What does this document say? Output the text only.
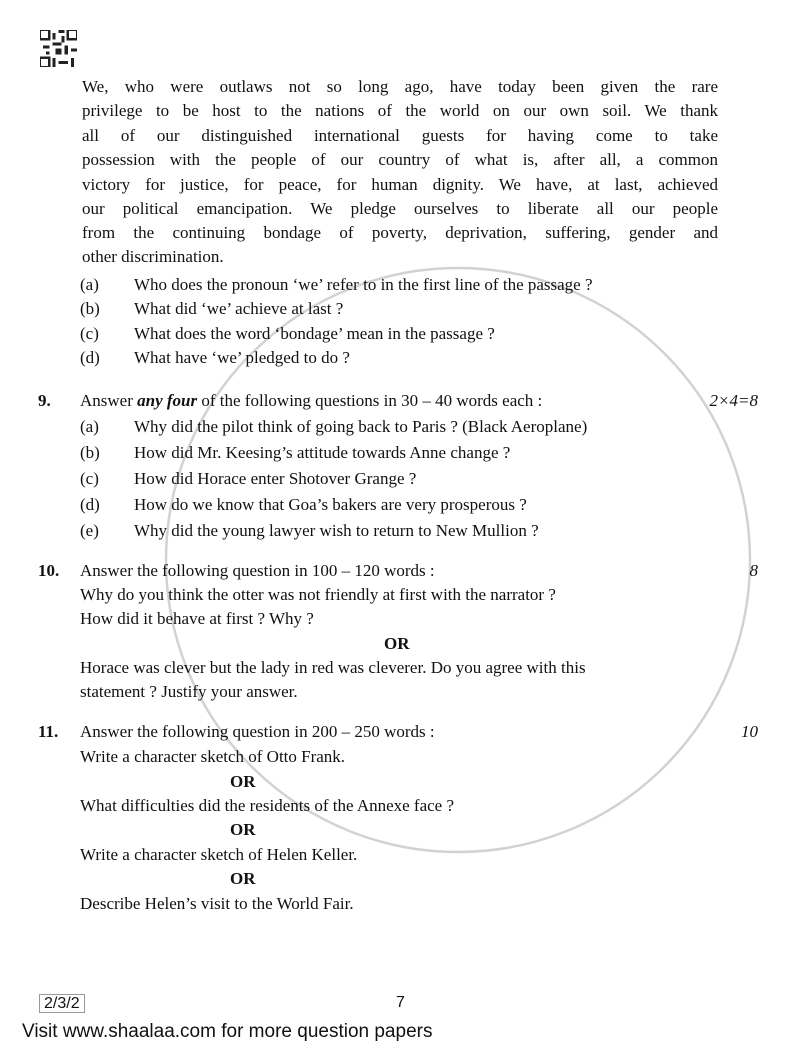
We, who were outlaws not so long ago, have today been given the rare
privilege to be host to the nations of the world on our own soil. We thank
all of our distinguished international guests for having come to take
possession with the people of our country of what is, after all, a common
victory for justice, for peace, for human dignity. We have, at last, achieved
our political emancipation. We pledge ourselves to liberate all our people
from the continuing bondage of poverty, deprivation, suffering, gender and
other discrimination.
(a) Who does the pronoun ‘we’ refer to in the first line of the passage ?
(b) What did ‘we’ achieve at last ?
(c) What does the word ‘bondage’ mean in the passage ?
(d) What have ‘we’ pledged to do ?
9. Answer any four of the following questions in 30 – 40 words each :	2×4=8
(a) Why did the pilot think of going back to Paris ? (Black Aeroplane)
(b) How did Mr. Keesing’s attitude towards Anne change ?
(c) How did Horace enter Shotover Grange ?
(d) How do we know that Goa’s bakers are very prosperous ?
(e) Why did the young lawyer wish to return to New Mullion ?
10. Answer the following question in 100 – 120 words :	8
Why do you think the otter was not friendly at first with the narrator ?
How did it behave at first ? Why ?
OR
Horace was clever but the lady in red was cleverer. Do you agree with this
statement ? Justify your answer.
11. Answer the following question in 200 – 250 words :	10
Write a character sketch of Otto Frank.
OR
What difficulties did the residents of the Annexe face ?
OR
Write a character sketch of Helen Keller.
OR
Describe Helen’s visit to the World Fair.
2/3/2	7
Visit www.shaalaa.com for more question papers
